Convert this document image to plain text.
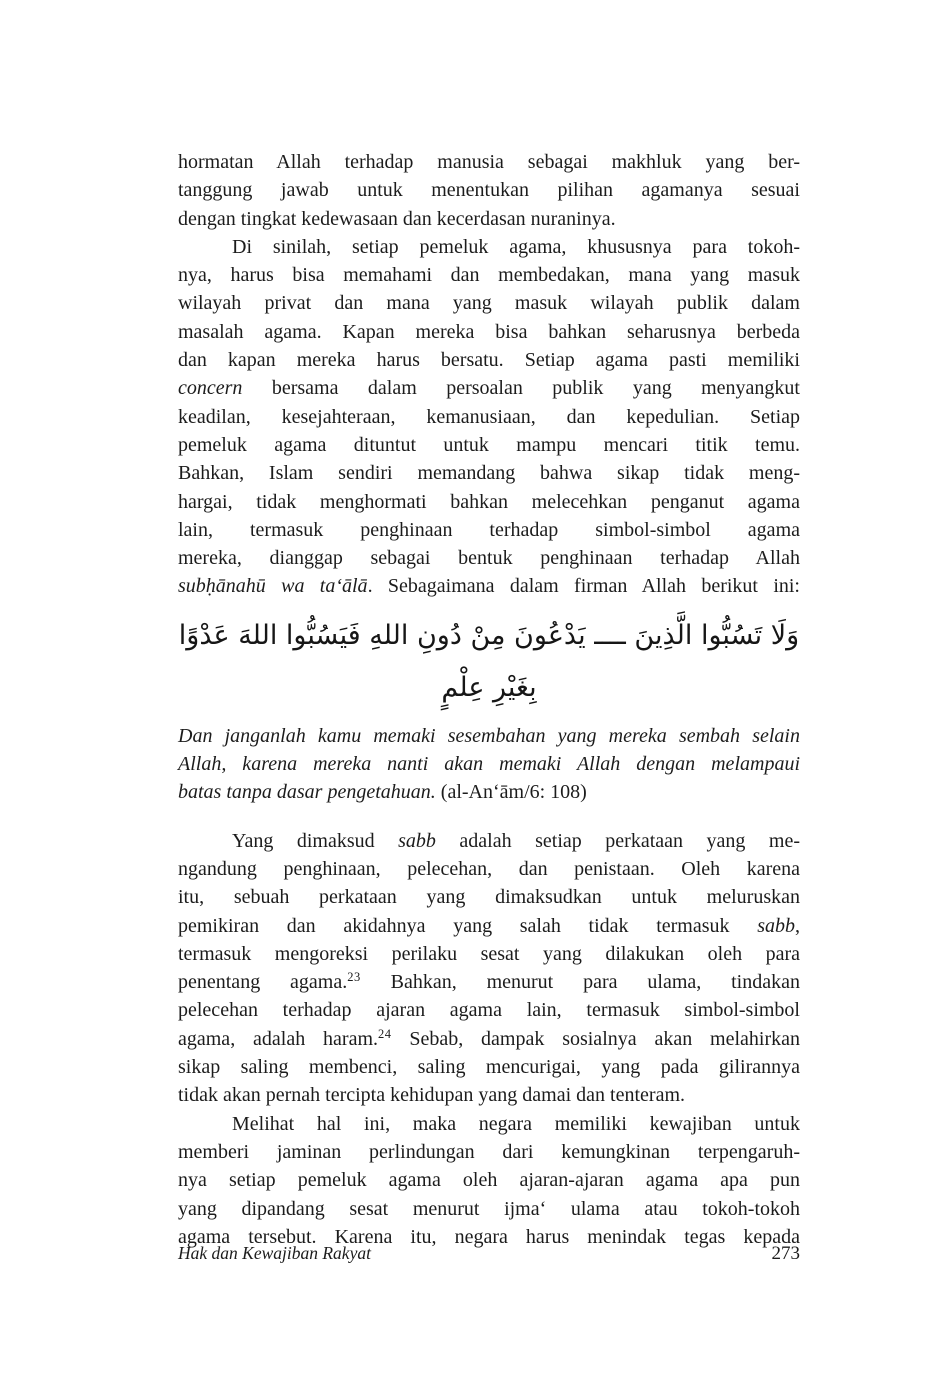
hormatan Allah terhadap manusia sebagai makhluk yang ber-
tanggung jawab untuk menentukan pilihan agamanya sesuai
dengan tingkat kedewasaan dan kecerdasan nuraninya.
Di sinilah, setiap pemeluk agama, khususnya para tokoh-
nya, harus bisa memahami dan membedakan, mana yang masuk
wilayah privat dan mana yang masuk wilayah publik dalam
masalah agama. Kapan mereka bisa bahkan seharusnya berbeda
dan kapan mereka harus bersatu. Setiap agama pasti memiliki
concern bersama dalam persoalan publik yang menyangkut
keadilan, kesejahteraan, kemanusiaan, dan kepedulian. Setiap
pemeluk agama dituntut untuk mampu mencari titik temu.
Bahkan, Islam sendiri memandang bahwa sikap tidak meng-
hargai, tidak menghormati bahkan melecehkan penganut agama
lain, termasuk penghinaan terhadap simbol-simbol agama
mereka, dianggap sebagai bentuk penghinaan terhadap Allah
subḥānahū wa ta‘ālā. Sebagaimana dalam firman Allah berikut ini:
وَلَا تَسُبُّوا الَّذِينَ ــــ يَدْعُونَ مِنْ دُونِ اللهِ فَيَسُبُّوا اللهَ عَدْوًا بِغَيْرِ عِلْمٍ
Dan janganlah kamu memaki sesembahan yang mereka sembah selain
Allah, karena mereka nanti akan memaki Allah dengan melampaui
batas tanpa dasar pengetahuan. (al-An‘ām/6: 108)
Yang dimaksud sabb adalah setiap perkataan yang me-
ngandung penghinaan, pelecehan, dan penistaan. Oleh karena
itu, sebuah perkataan yang dimaksudkan untuk meluruskan
pemikiran dan akidahnya yang salah tidak termasuk sabb,
termasuk mengoreksi perilaku sesat yang dilakukan oleh para
penentang agama.$^{23}$ Bahkan, menurut para ulama, tindakan
pelecehan terhadap ajaran agama lain, termasuk simbol-simbol
agama, adalah haram.$^{24}$ Sebab, dampak sosialnya akan melahirkan
sikap saling membenci, saling mencurigai, yang pada gilirannya
tidak akan pernah tercipta kehidupan yang damai dan tenteram.
Melihat hal ini, maka negara memiliki kewajiban untuk
memberi jaminan perlindungan dari kemungkinan terpengaruh-
nya setiap pemeluk agama oleh ajaran-ajaran agama apa pun
yang dipandang sesat menurut ijma‘ ulama atau tokoh-tokoh
agama tersebut. Karena itu, negara harus menindak tegas kepada
Hak dan Kewajiban Rakyat	273
